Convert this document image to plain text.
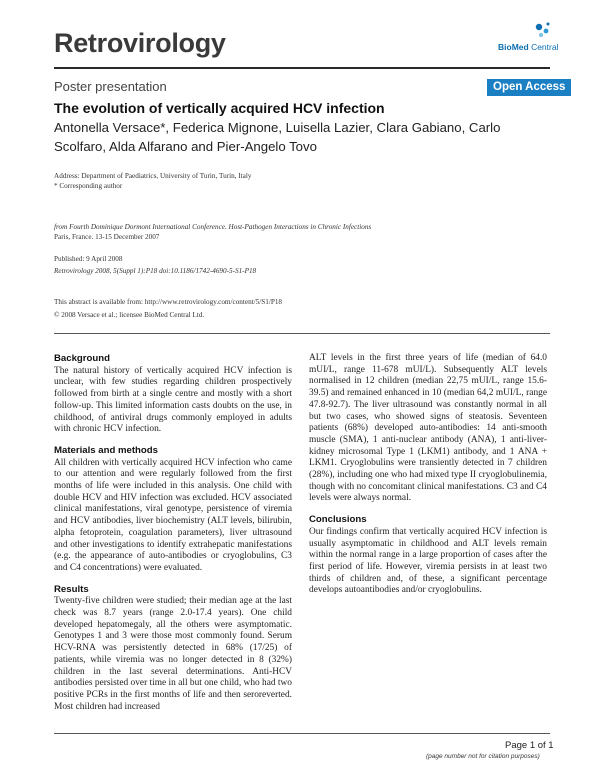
Retrovirology	BioMed Central
Poster presentation	Open Access
The evolution of vertically acquired HCV infection
Antonella Versace*, Federica Mignone, Luisella Lazier, Clara Gabiano, Carlo Scolfaro, Alda Alfarano and Pier-Angelo Tovo
Address: Department of Paediatrics, University of Turin, Turin, Italy
* Corresponding author
from Fourth Dominique Dormont International Conference. Host-Pathogen Interactions in Chronic Infections
Paris, France. 13-15 December 2007
Published: 9 April 2008
Retrovirology 2008, 5(Suppl 1):P18 doi:10.1186/1742-4690-5-S1-P18
This abstract is available from: http://www.retrovirology.com/content/5/S1/P18
© 2008 Versace et al.; licensee BioMed Central Ltd.
Background

The natural history of vertically acquired HCV infection is unclear, with few studies regarding children prospectively followed from birth at a single centre and mostly with a short follow-up. This limited information casts doubts on the use, in childhood, of antiviral drugs commonly employed in adults with chronic HCV infection.

Materials and methods

All children with vertically acquired HCV infection who came to our attention and were regularly followed from the first months of life were included in this analysis. One child with double HCV and HIV infection was excluded. HCV associated clinical manifestations, viral genotype, persistence of viremia and HCV antibodies, liver biochemistry (ALT levels, bilirubin, alpha fetoprotein, coagulation parameters), liver ultrasound and other investigations to identify extrahepatic manifestations (e.g. the appearance of auto-antibodies or cryoglobulins, C3 and C4 concentrations) were evaluated.

Results

Twenty-five children were studied; their median age at the last check was 8.7 years (range 2.0-17.4 years). One child developed hepatomegaly, all the others were asymptomatic. Genotypes 1 and 3 were those most commonly found. Serum HCV-RNA was persistently detected in 68% (17/25) of patients, while viremia was no longer detected in 8 (32%) children in the last several determinations. Anti-HCV antibodies persisted over time in all but one child, who had two positive PCRs in the first months of life and then seroreverted. Most children had increased

ALT levels in the first three years of life (median of 64.0 mUI/L, range 11-678 mUI/L). Subsequently ALT levels normalised in 12 children (median 22,75 mUI/L, range 15.6-39.5) and remained enhanced in 10 (median 64,2 mUI/L, range 47.8-92.7). The liver ultrasound was constantly normal in all but two cases, who showed signs of steatosis. Seventeen patients (68%) developed auto-antibodies: 14 anti-smooth muscle (SMA), 1 anti-nuclear antibody (ANA), 1 anti-liver-kidney microsomal Type 1 (LKM1) antibody, and 1 ANA + LKM1. Cryoglobulins were transiently detected in 7 children (28%), including one who had mixed type II cryoglobulinemia, though with no concomitant clinical manifestations. C3 and C4 levels were always normal.

Conclusions

Our findings confirm that vertically acquired HCV infection is usually asymptomatic in childhood and ALT levels remain within the normal range in a large proportion of cases after the first period of life. However, viremia persists in at least two thirds of children and, of these, a significant percentage develops autoantibodies and/or cryoglobulins.

Page 1 of 1
(page number not for citation purposes)
